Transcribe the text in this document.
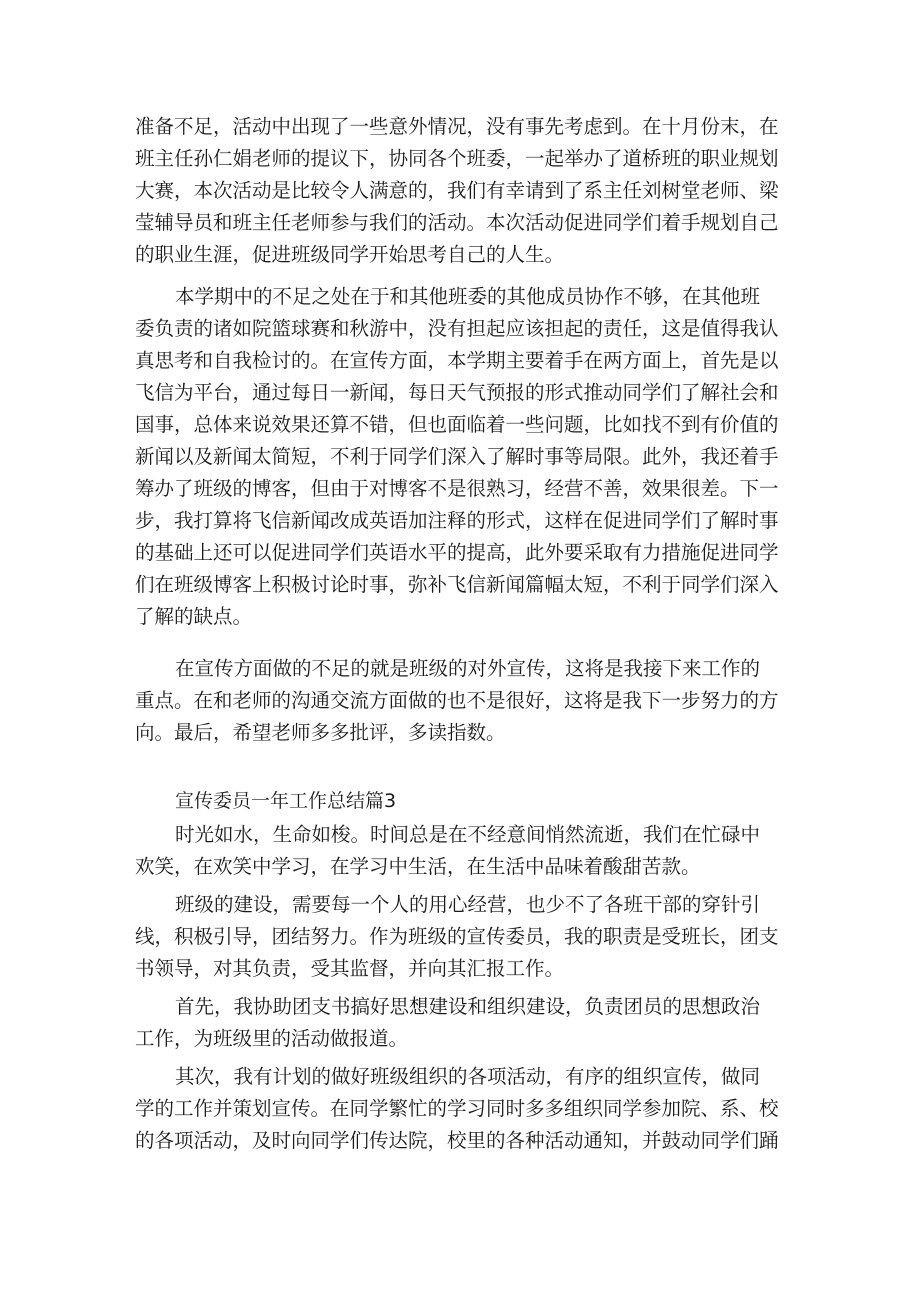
准备不足，活动中出现了一些意外情况，没有事先考虑到。在十月份末，在
班主任孙仁娟老师的提议下，协同各个班委，一起举办了道桥班的职业规划
大赛，本次活动是比较令人满意的，我们有幸请到了系主任刘树堂老师、梁
莹辅导员和班主任老师参与我们的活动。本次活动促进同学们着手规划自己
的职业生涯，促进班级同学开始思考自己的人生。
本学期中的不足之处在于和其他班委的其他成员协作不够，在其他班
委负责的诸如院篮球赛和秋游中，没有担起应该担起的责任，这是值得我认
真思考和自我检讨的。在宣传方面，本学期主要着手在两方面上，首先是以
飞信为平台，通过每日一新闻，每日天气预报的形式推动同学们了解社会和
国事，总体来说效果还算不错，但也面临着一些问题，比如找不到有价值的
新闻以及新闻太简短，不利于同学们深入了解时事等局限。此外，我还着手
筹办了班级的博客，但由于对博客不是很熟习，经营不善，效果很差。下一
步，我打算将飞信新闻改成英语加注释的形式，这样在促进同学们了解时事
的基础上还可以促进同学们英语水平的提高，此外要采取有力措施促进同学
们在班级博客上积极讨论时事，弥补飞信新闻篇幅太短，不利于同学们深入
了解的缺点。
在宣传方面做的不足的就是班级的对外宣传，这将是我接下来工作的
重点。在和老师的沟通交流方面做的也不是很好，这将是我下一步努力的方
向。最后，希望老师多多批评，多读指数。
宣传委员一年工作总结篇3
时光如水，生命如梭。时间总是在不经意间悄然流逝，我们在忙碌中
欢笑，在欢笑中学习，在学习中生活，在生活中品味着酸甜苦款。
班级的建设，需要每一个人的用心经营，也少不了各班干部的穿针引
线，积极引导，团结努力。作为班级的宣传委员，我的职责是受班长，团支
书领导，对其负责，受其监督，并向其汇报工作。
首先，我协助团支书搞好思想建设和组织建设，负责团员的思想政治
工作，为班级里的活动做报道。
其次，我有计划的做好班级组织的各项活动，有序的组织宣传，做同
学的工作并策划宣传。在同学繁忙的学习同时多多组织同学参加院、系、校
的各项活动，及时向同学们传达院，校里的各种活动通知，并鼓动同学们踊
